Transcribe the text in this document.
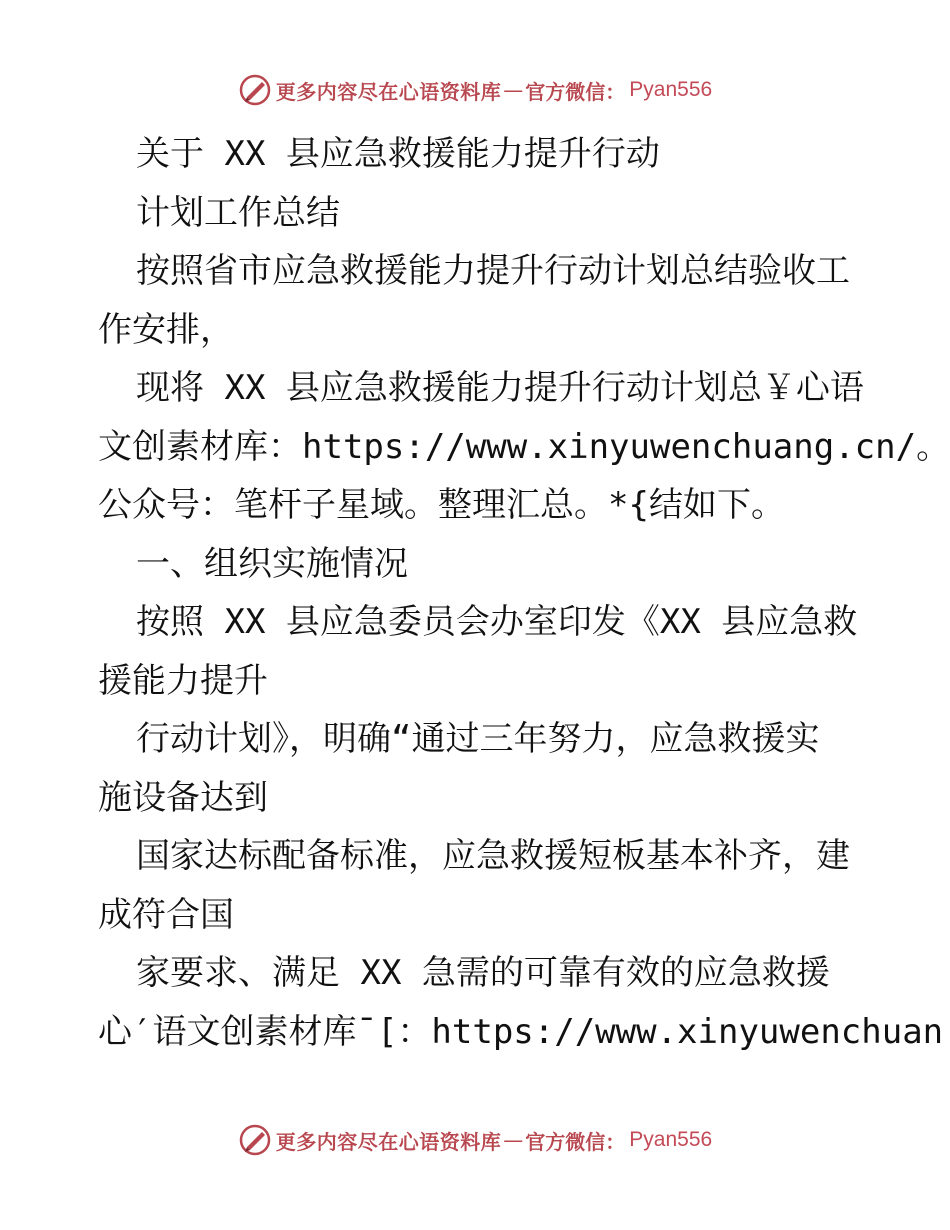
更多内容尽在心语资料库 — 官方微信： Pyan556
关于 XX 县应急救援能力提升行动
计划工作总结
按照省市应急救援能力提升行动计划总结验收工
作安排，
现将 XX 县应急救援能力提升行动计划总￥心语
文创素材库：https://www.xinyuwenchuang.cn/。
公众号：笔杆子星域。整理汇总。*{结如下。
一、组织实施情况
按照 XX 县应急委员会办室印发《XX 县应急救
援能力提升
行动计划》，明确“通过三年努力，应急救援实
施设备达到
国家达标配备标准，应急救援短板基本补齐，建
成符合国
家要求、满足 XX 急需的可靠有效的应急救援
心′语文创素材库¯[：https://www.xinyuwenchuan
更多内容尽在心语资料库 — 官方微信： Pyan556
